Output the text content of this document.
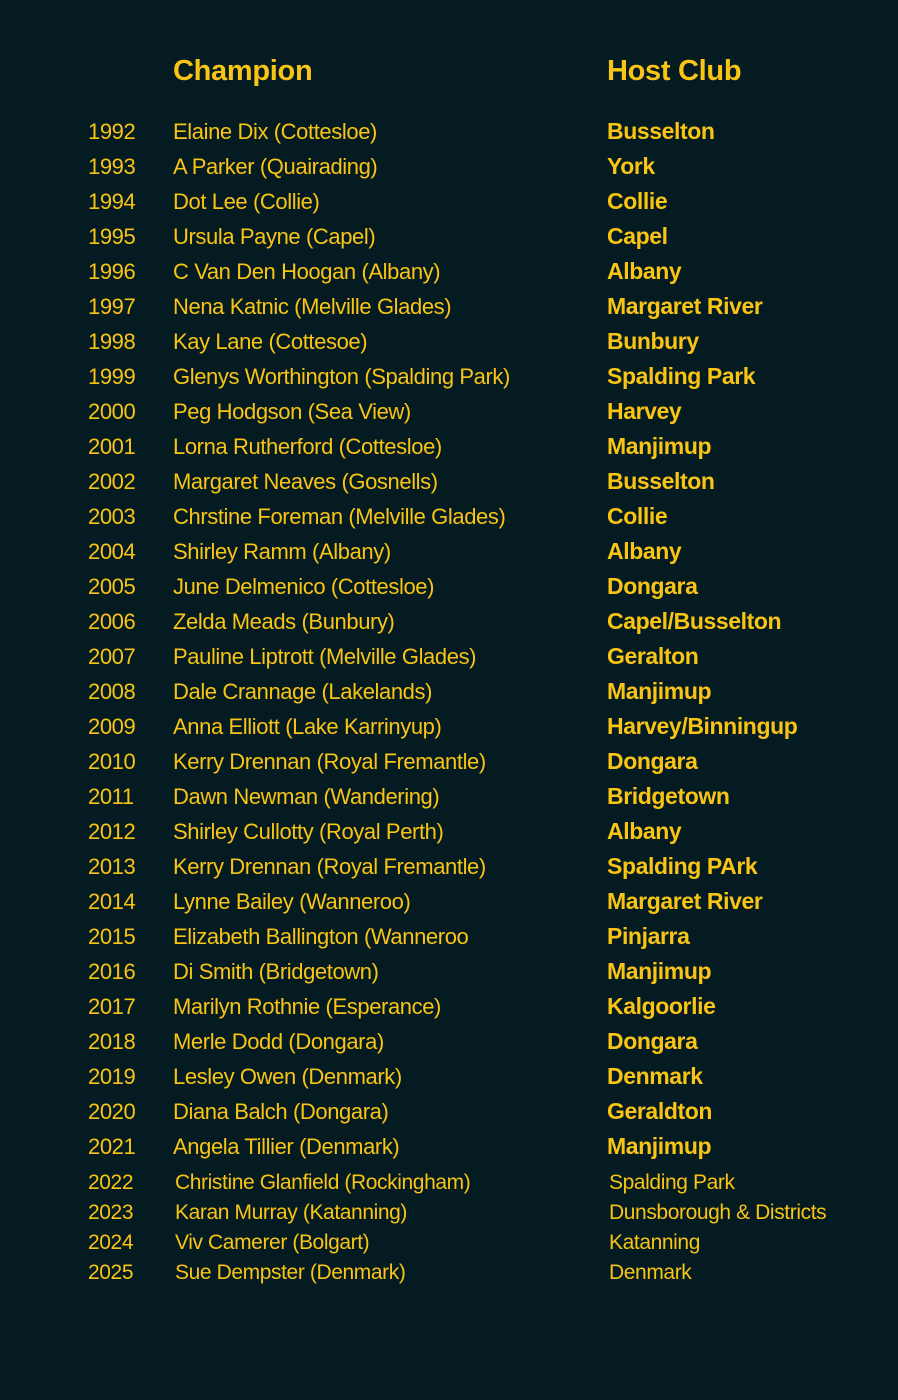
Champion	Host Club
1992 Elaine Dix (Cottesloe)	Busselton
1993 A Parker (Quairading)	York
1994 Dot Lee (Collie)	Collie
1995 Ursula Payne (Capel)	Capel
1996 C Van Den Hoogan (Albany)	Albany
1997 Nena Katnic (Melville Glades)	Margaret River
1998 Kay Lane (Cottesoe)	Bunbury
1999 Glenys Worthington (Spalding Park)	Spalding Park
2000 Peg Hodgson (Sea View)	Harvey
2001 Lorna Rutherford (Cottesloe)	Manjimup
2002 Margaret Neaves (Gosnells)	Busselton
2003 Chrstine Foreman (Melville Glades)	Collie
2004 Shirley Ramm (Albany)	Albany
2005 June Delmenico (Cottesloe)	Dongara
2006 Zelda Meads (Bunbury)	Capel/Busselton
2007 Pauline Liptrott (Melville Glades)	Geralton
2008 Dale Crannage (Lakelands)	Manjimup
2009 Anna Elliott (Lake Karrinyup)	Harvey/Binningup
2010 Kerry Drennan (Royal Fremantle)	Dongara
2011 Dawn Newman (Wandering)	Bridgetown
2012 Shirley Cullotty (Royal Perth)	Albany
2013 Kerry Drennan (Royal Fremantle)	Spalding PArk
2014 Lynne Bailey (Wanneroo)	Margaret River
2015 Elizabeth Ballington (Wanneroo	Pinjarra
2016 Di Smith (Bridgetown)	Manjimup
2017 Marilyn Rothnie (Esperance)	Kalgoorlie
2018 Merle Dodd (Dongara)	Dongara
2019 Lesley Owen (Denmark)	Denmark
2020 Diana Balch (Dongara)	Geraldton
2021 Angela Tillier (Denmark)	Manjimup
2022 Christine Glanfield (Rockingham)	Spalding Park
2023 Karan Murray (Katanning)	Dunsborough & Districts
2024 Viv Camerer (Bolgart)	Katanning
2025 Sue Dempster (Denmark)	Denmark
